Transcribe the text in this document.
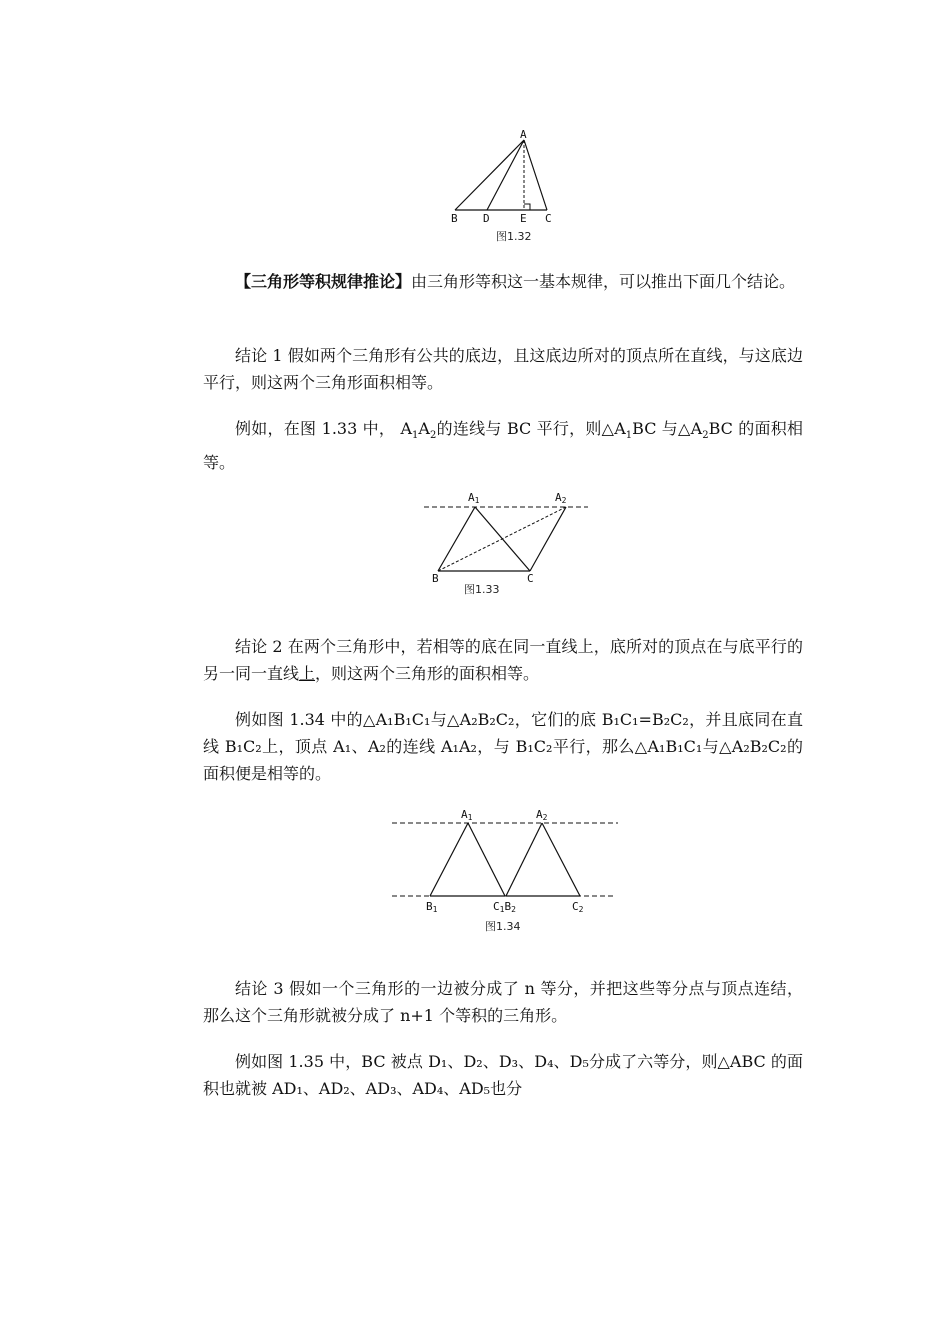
A
B D	E C
图1.32

【三角形等积规律推论】由三角形等积这一基本规律，可以推出下面几个结论。

结论 1 假如两个三角形有公共的底边，且这底边所对的顶点所在直线，与这底边平行，则这两个三角形面积相等。

例如，在图 1.33 中， $A_1A_2$的连线与 BC 平行，则$\triangle A_1BC$ 与$\triangle A_2BC$ 的面积相等。

A1	A2
B	C
图1.33

结论 2 在两个三角形中，若相等的底在同一直线上，底所对的顶点在与底平行的另一同一直线上，则这两个三角形的面积相等。

例如图 1.34 中的△A₁B₁C₁与△A₂B₂C₂，它们的底 B₁C₁=B₂C₂，并且底同在直线 B₁C₂上，顶点 A₁、A₂的连线 A₁A₂，与 B₁C₂平行，那么△A₁B₁C₁与△A₂B₂C₂的面积便是相等的。

A1	A2
B1	C1B2	C2
图1.34

结论 3 假如一个三角形的一边被分成了 n 等分，并把这些等分点与顶点连结，那么这个三角形就被分成了 n+1 个等积的三角形。

例如图 1.35 中，BC 被点 D₁、D₂、D₃、D₄、D₅分成了六等分，则△ABC 的面积也就被 AD₁、AD₂、AD₃、AD₄、AD₅也分
